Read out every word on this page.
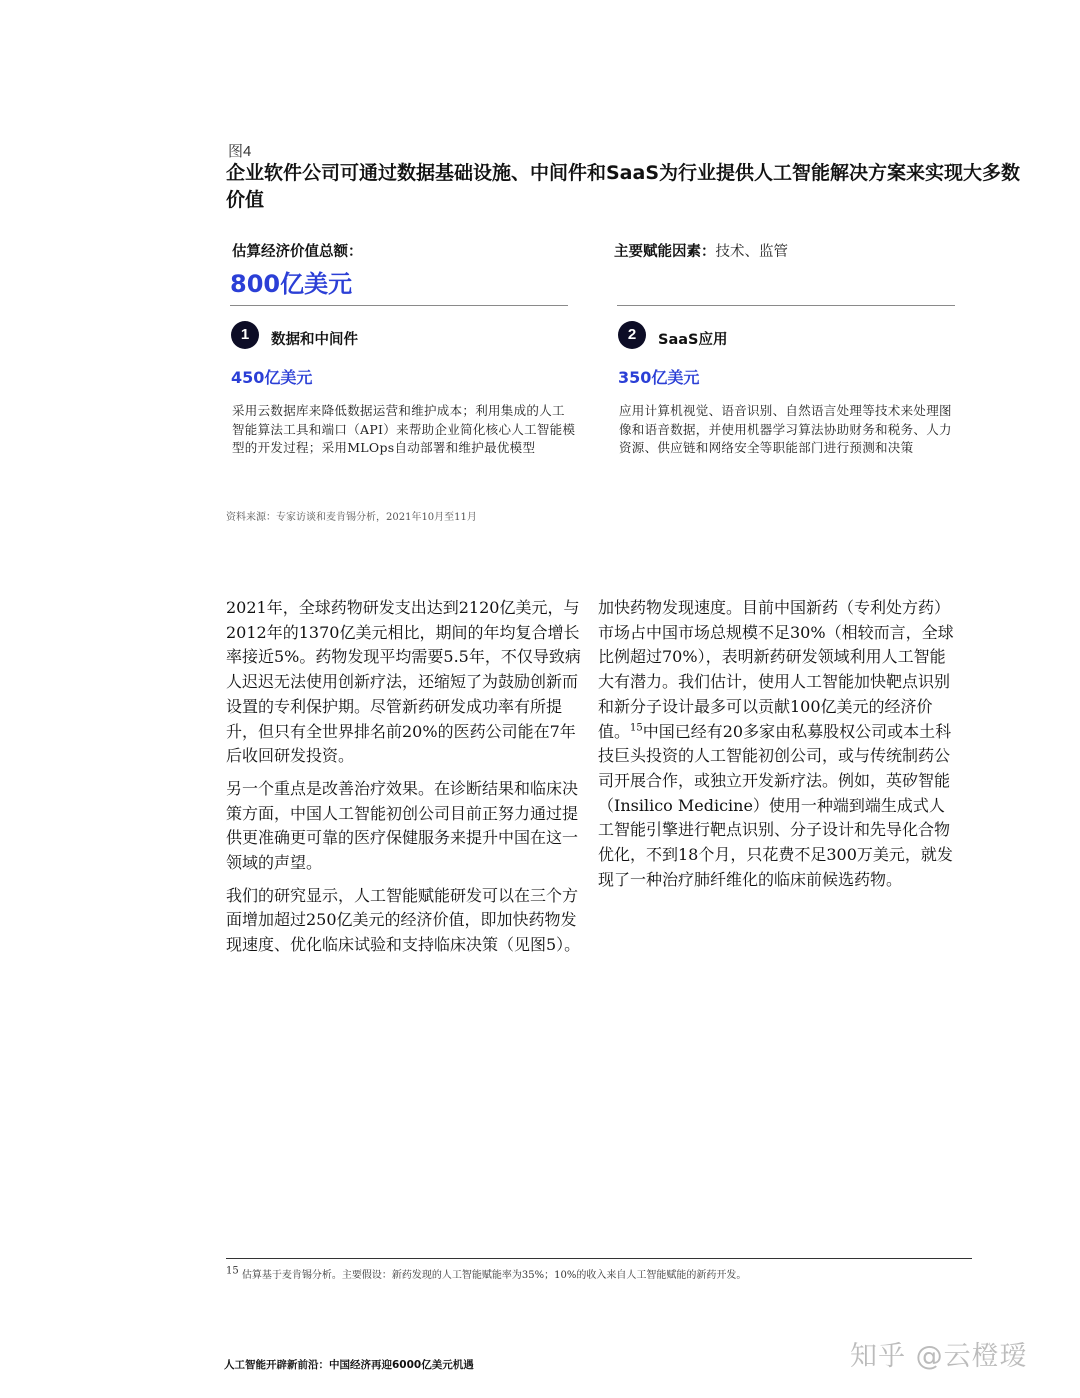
图4
企业软件公司可通过数据基础设施、中间件和SaaS为行业提供人工智能解决方案来实现大多数价值
估算经济价值总额：
800亿美元
主要赋能因素：技术、监管
1	数据和中间件
450亿美元
采用云数据库来降低数据运营和维护成本；利用集成的人工智能算法工具和端口（API）来帮助企业简化核心人工智能模型的开发过程；采用MLOps自动部署和维护最优模型
2	SaaS应用
350亿美元
应用计算机视觉、语音识别、自然语言处理等技术来处理图像和语音数据，并使用机器学习算法协助财务和税务、人力资源、供应链和网络安全等职能部门进行预测和决策
资料来源：专家访谈和麦肯锡分析，2021年10月至11月

2021年，全球药物研发支出达到2120亿美元，与2012年的1370亿美元相比，期间的年均复合增长率接近5%。药物发现平均需要5.5年，不仅导致病人迟迟无法使用创新疗法，还缩短了为鼓励创新而设置的专利保护期。尽管新药研发成功率有所提升，但只有全世界排名前20%的医药公司能在7年后收回研发投资。

另一个重点是改善治疗效果。在诊断结果和临床决策方面，中国人工智能初创公司目前正努力通过提供更准确更可靠的医疗保健服务来提升中国在这一领域的声望。

我们的研究显示，人工智能赋能研发可以在三个方面增加超过250亿美元的经济价值，即加快药物发现速度、优化临床试验和支持临床决策（见图5）。

加快药物发现速度。目前中国新药（专利处方药）市场占中国市场总规模不足30%（相较而言，全球比例超过70%），表明新药研发领域利用人工智能大有潜力。我们估计，使用人工智能加快靶点识别和新分子设计最多可以贡献100亿美元的经济价值。$^{15}$中国已经有20多家由私募股权公司或本土科技巨头投资的人工智能初创公司，或与传统制药公司开展合作，或独立开发新疗法。例如，英矽智能（Insilico Medicine）使用一种端到端生成式人工智能引擎进行靶点识别、分子设计和先导化合物优化，不到18个月，只花费不足300万美元，就发现了一种治疗肺纤维化的临床前候选药物。

$^{15}$ 估算基于麦肯锡分析。主要假设：新药发现的人工智能赋能率为35%；10%的收入来自人工智能赋能的新药开发。
人工智能开辟新前沿：中国经济再迎6000亿美元机遇	知乎 @云橙瑷
